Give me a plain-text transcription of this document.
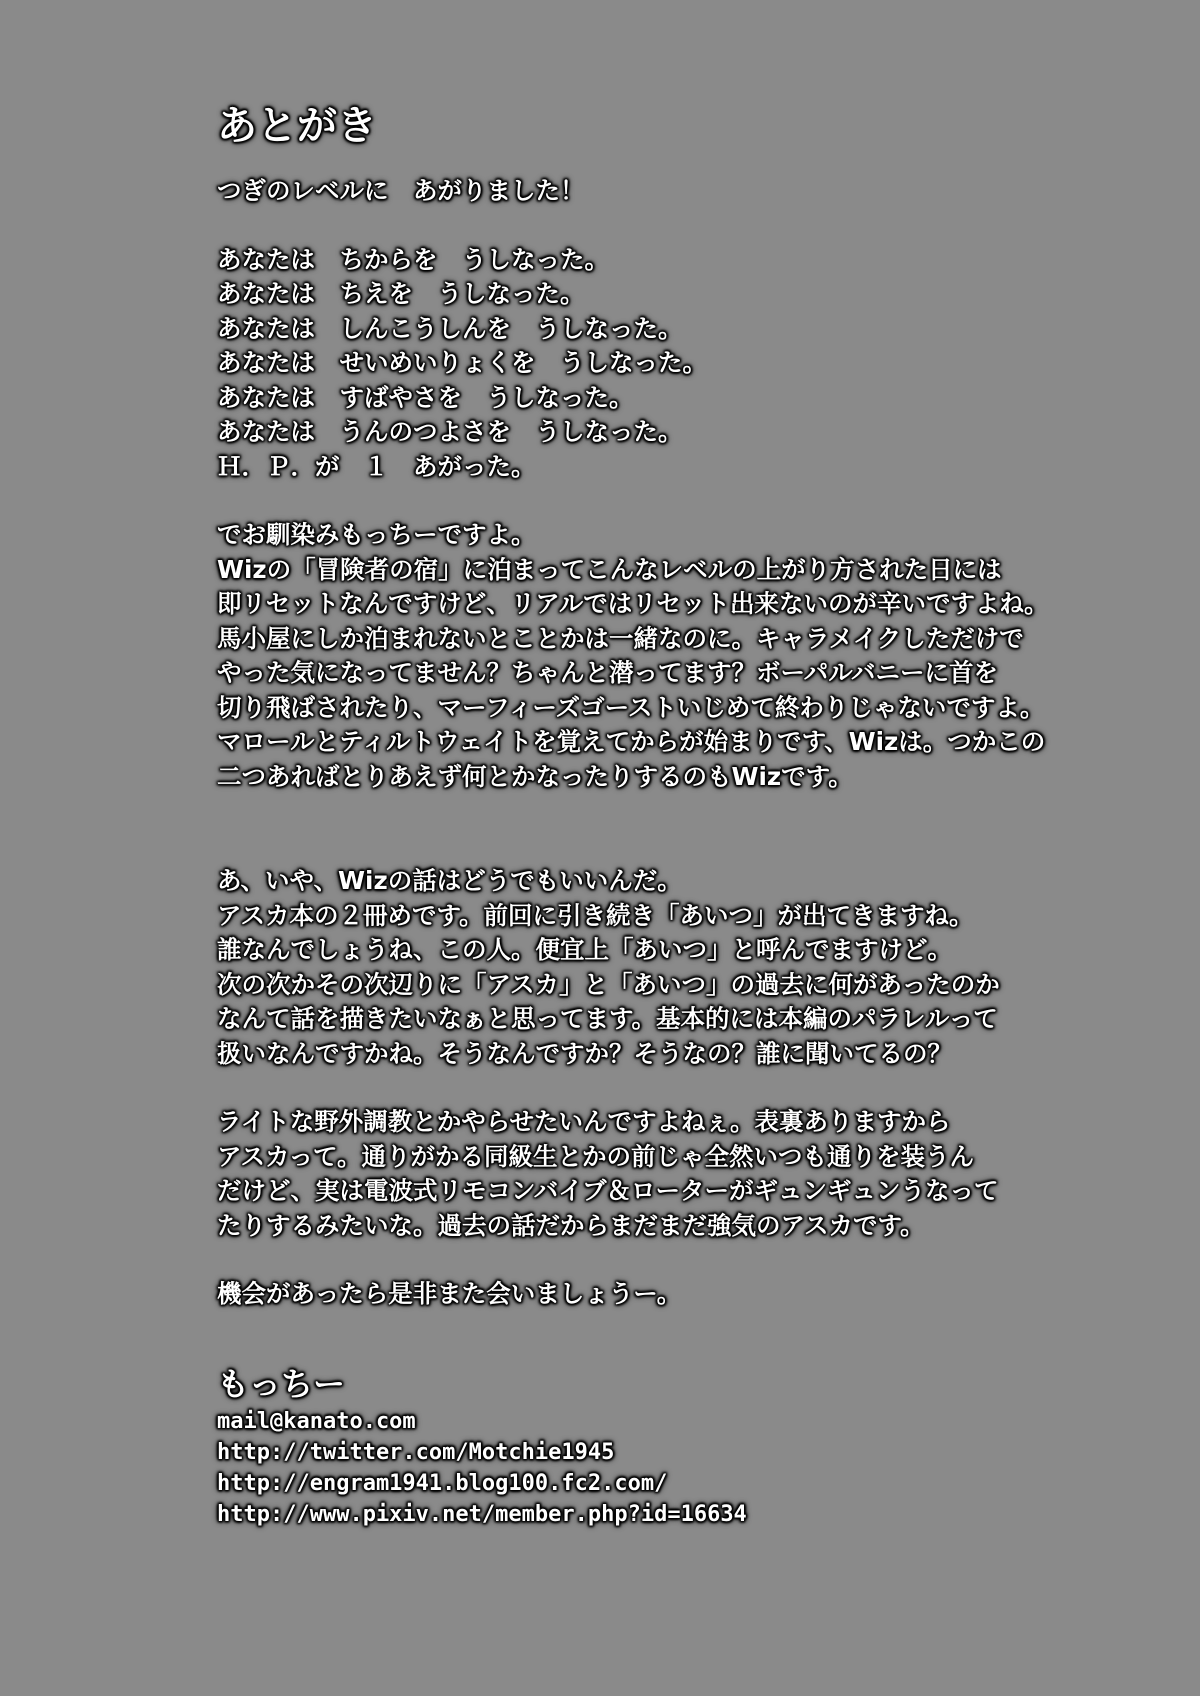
あとがき
つぎのレベルに　あがりました！
あなたは　ちからを　うしなった。
あなたは　ちえを　うしなった。
あなたは　しんこうしんを　うしなった。
あなたは　せいめいりょくを　うしなった。
あなたは　すばやさを　うしなった。
あなたは　うんのつよさを　うしなった。
Ｈ．Ｐ．が　１　あがった。
でお馴染みもっちーですよ。
Wizの「冒険者の宿」に泊まってこんなレベルの上がり方された日には
即リセットなんですけど、リアルではリセット出来ないのが辛いですよね。
馬小屋にしか泊まれないとことかは一緒なのに。キャラメイクしただけで
やった気になってません？ちゃんと潜ってます？ボーパルバニーに首を
切り飛ばされたり、マーフィーズゴーストいじめて終わりじゃないですよ。
マロールとティルトウェイトを覚えてからが始まりです、Wizは。つかこの
二つあればとりあえず何とかなったりするのもWizです。
あ、いや、Wizの話はどうでもいいんだ。
アスカ本の２冊めです。前回に引き続き「あいつ」が出てきますね。
誰なんでしょうね、この人。便宜上「あいつ」と呼んでますけど。
次の次かその次辺りに「アスカ」と「あいつ」の過去に何があったのか
なんて話を描きたいなぁと思ってます。基本的には本編のパラレルって
扱いなんですかね。そうなんですか？そうなの？誰に聞いてるの？
ライトな野外調教とかやらせたいんですよねぇ。表裏ありますから
アスカって。通りがかる同級生とかの前じゃ全然いつも通りを装うん
だけど、実は電波式リモコンバイブ＆ローターがギュンギュンうなって
たりするみたいな。過去の話だからまだまだ強気のアスカです。
機会があったら是非また会いましょうー。
もっちー
mail@kanato.com
http://twitter.com/Motchie1945
http://engram1941.blog100.fc2.com/
http://www.pixiv.net/member.php?id=16634
